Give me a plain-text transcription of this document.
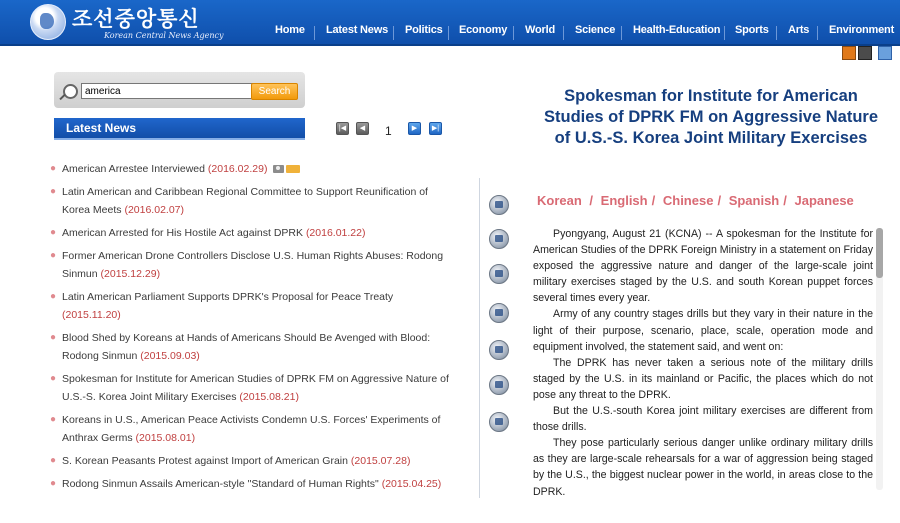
조선중앙통신
Korean Central News Agency	Home Latest News Politics Economy World Science Health-Education Sports Arts Environment
america
Search
Latest News	|◀	◀	1	▶	▶|
● American Arrestee Interviewed (2016.02.29)
● Latin American and Caribbean Regional Committee to Support Reunification of Korea Meets (2016.02.07)
● American Arrested for His Hostile Act against DPRK (2016.01.22)
● Former American Drone Controllers Disclose U.S. Human Rights Abuses: Rodong Sinmun (2015.12.29)
● Latin American Parliament Supports DPRK's Proposal for Peace Treaty (2015.11.20)
● Blood Shed by Koreans at Hands of Americans Should Be Avenged with Blood: Rodong Sinmun (2015.09.03)
● Spokesman for Institute for American Studies of DPRK FM on Aggressive Nature of U.S.-S. Korea Joint Military Exercises (2015.08.21)
● Koreans in U.S., American Peace Activists Condemn U.S. Forces' Experiments of Anthrax Germs (2015.08.01)
● S. Korean Peasants Protest against Import of American Grain (2015.07.28)
● Rodong Sinmun Assails American-style "Standard of Human Rights" (2015.04.25)
Spokesman for Institute for American Studies of DPRK FM on Aggressive Nature of U.S.-S. Korea Joint Military Exercises
Korean / English / Chinese / Spanish / Japanese

Pyongyang, August 21 (KCNA) -- A spokesman for the Institute for American Studies of the DPRK Foreign Ministry in a statement on Friday exposed the aggressive nature and danger of the large-scale joint military exercises staged by the U.S. and south Korean puppet forces several times every year.

Army of any country stages drills but they vary in their nature in the light of their purpose, scenario, place, scale, operation mode and equipment involved, the statement said, and went on:

The DPRK has never taken a serious note of the military drills staged by the U.S. in its mainland or Pacific, the places which do not pose any threat to the DPRK.

But the U.S.-south Korea joint military exercises are different from those drills.

They pose particularly serious danger unlike ordinary military drills as they are large-scale rehearsals for a war of aggression being staged by the U.S., the biggest nuclear power in the world, in areas close to the DPRK.
